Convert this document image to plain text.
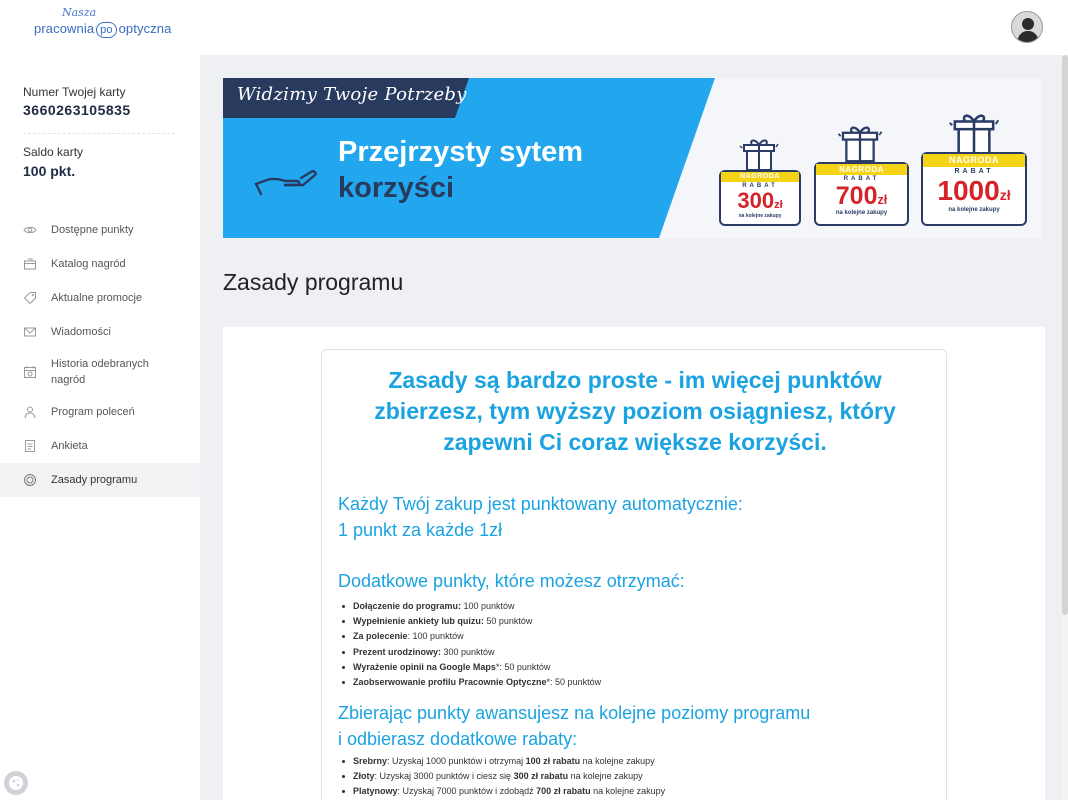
Nasza
pracownia po optyczna
Numer Twojej karty
3660263105835
Saldo karty
100 pkt.
Dostępne punkty
Katalog nagród
Aktualne promocje
Wiadomości
Historia odebranych nagród
Program poleceń
Ankieta
Zasady programu
Widzimy Twoje Potrzeby
Przejrzysty sytem
korzyści	NAGRODA
RABAT
300zł
na kolejne zakupy
NAGRODA
RABAT
700zł
na kolejne zakupy
NAGRODA
RABAT
1000zł
na kolejne zakupy
Zasady programu
Zasady są bardzo proste - im więcej punktów zbierzesz, tym wyższy poziom osiągniesz, który zapewni Ci coraz większe korzyści.
Każdy Twój zakup jest punktowany automatycznie:
1 punkt za każde 1zł
Dodatkowe punkty, które możesz otrzymać:
Dołączenie do programu: 100 punktów
Wypełnienie ankiety lub quizu: 50 punktów
Za polecenie: 100 punktów
Prezent urodzinowy: 300 punktów
Wyrażenie opinii na Google Maps*: 50 punktów
Zaobserwowanie profilu Pracownie Optyczne*: 50 punktów
Zbierając punkty awansujesz na kolejne poziomy programu
i odbierasz dodatkowe rabaty:
Srebrny: Uzyskaj 1000 punktów i otrzymaj 100 zł rabatu na kolejne zakupy
Złoty: Uzyskaj 3000 punktów i ciesz się 300 zł rabatu na kolejne zakupy
Platynowy: Uzyskaj 7000 punktów i zdobądź 700 zł rabatu na kolejne zakupy
